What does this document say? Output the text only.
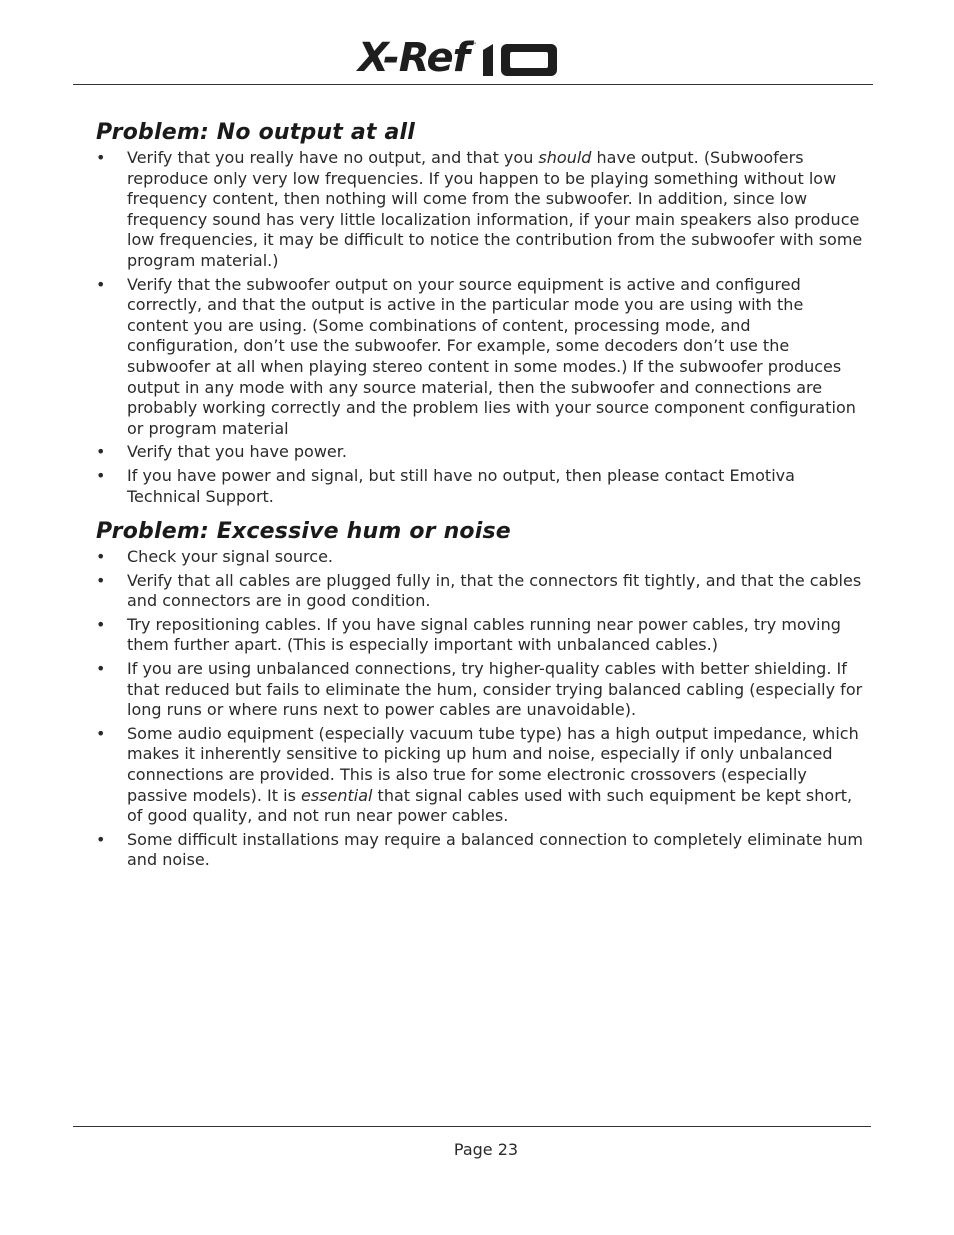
X-Ref ™
Problem: No output at all
• Verify that you really have no output, and that you should have output. (Subwoofers reproduce only very low frequencies. If you happen to be playing something without low frequency content, then nothing will come from the subwoofer. In addition, since low frequency sound has very little localization information, if your main speakers also produce low frequencies, it may be difficult to notice the contribution from the subwoofer with some program material.)
• Verify that the subwoofer output on your source equipment is active and configured correctly, and that the output is active in the particular mode you are using with the content you are using. (Some combinations of content, processing mode, and configuration, don’t use the subwoofer. For example, some decoders don’t use the subwoofer at all when playing stereo content in some modes.) If the subwoofer produces output in any mode with any source material, then the subwoofer and connections are probably working correctly and the problem lies with your source component configuration or program material
• Verify that you have power.
• If you have power and signal, but still have no output, then please contact Emotiva Technical Support.
Problem: Excessive hum or noise
• Check your signal source.
• Verify that all cables are plugged fully in, that the connectors fit tightly, and that the cables and connectors are in good condition.
• Try repositioning cables. If you have signal cables running near power cables, try moving them further apart. (This is especially important with unbalanced cables.)
• If you are using unbalanced connections, try higher-quality cables with better shielding. If that reduced but fails to eliminate the hum, consider trying balanced cabling (especially for long runs or where runs next to power cables are unavoidable).
• Some audio equipment (especially vacuum tube type) has a high output impedance, which makes it inherently sensitive to picking up hum and noise, especially if only unbalanced connections are provided. This is also true for some electronic crossovers (especially passive models). It is essential that signal cables used with such equipment be kept short, of good quality, and not run near power cables.
• Some difficult installations may require a balanced connection to completely eliminate hum and noise.
Page 23
